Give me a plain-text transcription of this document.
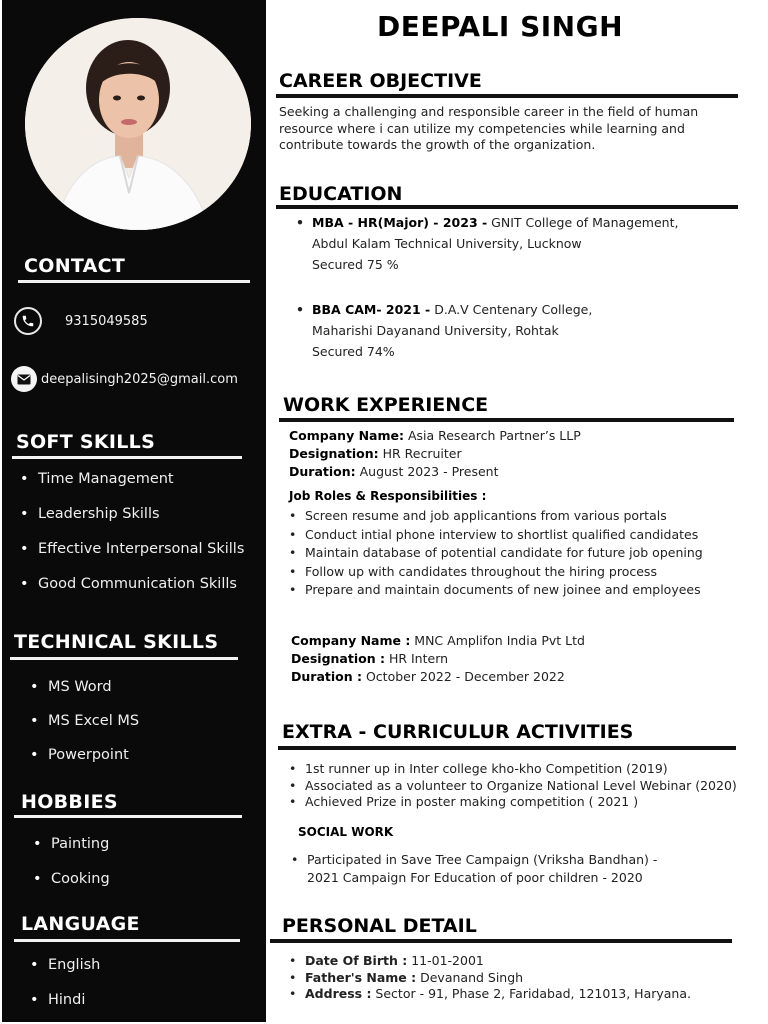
CONTACT
9315049585
deepalisingh2025@gmail.com
SOFT SKILLS
• Time Management
• Leadership Skills
• Effective Interpersonal Skills
• Good Communication Skills
TECHNICAL SKILLS
• MS Word
• MS Excel MS
• Powerpoint
HOBBIES
• Painting
• Cooking
LANGUAGE
• English
• Hindi
DEEPALI SINGH
CAREER OBJECTIVE
Seeking a challenging and responsible career in the field of human resource where i can utilize my competencies while learning and contribute towards the growth of the organization.
EDUCATION
• MBA - HR(Major) - 2023 - GNIT College of Management,
Abdul Kalam Technical University, Lucknow
Secured 75 %
• BBA CAM- 2021 - D.A.V Centenary College,
Maharishi Dayanand University, Rohtak
Secured 74%
WORK EXPERIENCE
Company Name: Asia Research Partner’s LLP
Designation: HR Recruiter
Duration: August 2023 - Present
Job Roles & Responsibilities :
• Screen resume and job applicantions from various portals
• Conduct intial phone interview to shortlist qualified candidates
• Maintain database of potential candidate for future job opening
• Follow up with candidates throughout the hiring process
• Prepare and maintain documents of new joinee and employees
Company Name : MNC Amplifon India Pvt Ltd
Designation : HR Intern
Duration : October 2022 - December 2022
EXTRA - CURRICULUR ACTIVITIES
• 1st runner up in Inter college kho-kho Competition (2019)
• Associated as a volunteer to Organize National Level Webinar (2020)
• Achieved Prize in poster making competition ( 2021 )
SOCIAL WORK
• Participated in Save Tree Campaign (Vriksha Bandhan) -
2021 Campaign For Education of poor children - 2020
PERSONAL DETAIL
• Date Of Birth : 11-01-2001
• Father's Name : Devanand Singh
• Address : Sector - 91, Phase 2, Faridabad, 121013, Haryana.
